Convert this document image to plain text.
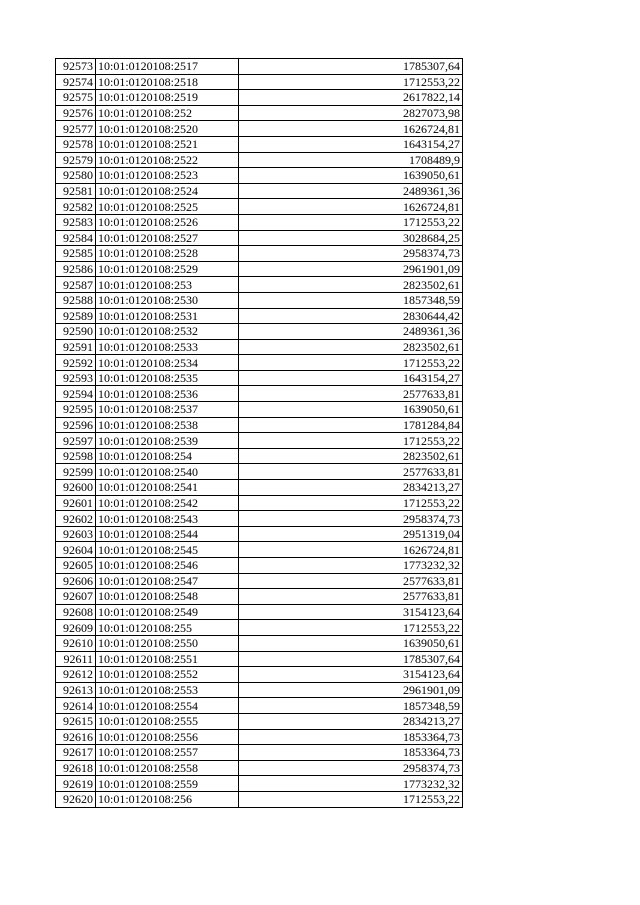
92573	10:01:0120108:2517	1785307,64
92574	10:01:0120108:2518	1712553,22
92575	10:01:0120108:2519	2617822,14
92576	10:01:0120108:252	2827073,98
92577	10:01:0120108:2520	1626724,81
92578	10:01:0120108:2521	1643154,27
92579	10:01:0120108:2522	1708489,9
92580	10:01:0120108:2523	1639050,61
92581	10:01:0120108:2524	2489361,36
92582	10:01:0120108:2525	1626724,81
92583	10:01:0120108:2526	1712553,22
92584	10:01:0120108:2527	3028684,25
92585	10:01:0120108:2528	2958374,73
92586	10:01:0120108:2529	2961901,09
92587	10:01:0120108:253	2823502,61
92588	10:01:0120108:2530	1857348,59
92589	10:01:0120108:2531	2830644,42
92590	10:01:0120108:2532	2489361,36
92591	10:01:0120108:2533	2823502,61
92592	10:01:0120108:2534	1712553,22
92593	10:01:0120108:2535	1643154,27
92594	10:01:0120108:2536	2577633,81
92595	10:01:0120108:2537	1639050,61
92596	10:01:0120108:2538	1781284,84
92597	10:01:0120108:2539	1712553,22
92598	10:01:0120108:254	2823502,61
92599	10:01:0120108:2540	2577633,81
92600	10:01:0120108:2541	2834213,27
92601	10:01:0120108:2542	1712553,22
92602	10:01:0120108:2543	2958374,73
92603	10:01:0120108:2544	2951319,04
92604	10:01:0120108:2545	1626724,81
92605	10:01:0120108:2546	1773232,32
92606	10:01:0120108:2547	2577633,81
92607	10:01:0120108:2548	2577633,81
92608	10:01:0120108:2549	3154123,64
92609	10:01:0120108:255	1712553,22
92610	10:01:0120108:2550	1639050,61
92611	10:01:0120108:2551	1785307,64
92612	10:01:0120108:2552	3154123,64
92613	10:01:0120108:2553	2961901,09
92614	10:01:0120108:2554	1857348,59
92615	10:01:0120108:2555	2834213,27
92616	10:01:0120108:2556	1853364,73
92617	10:01:0120108:2557	1853364,73
92618	10:01:0120108:2558	2958374,73
92619	10:01:0120108:2559	1773232,32
92620	10:01:0120108:256	1712553,22
